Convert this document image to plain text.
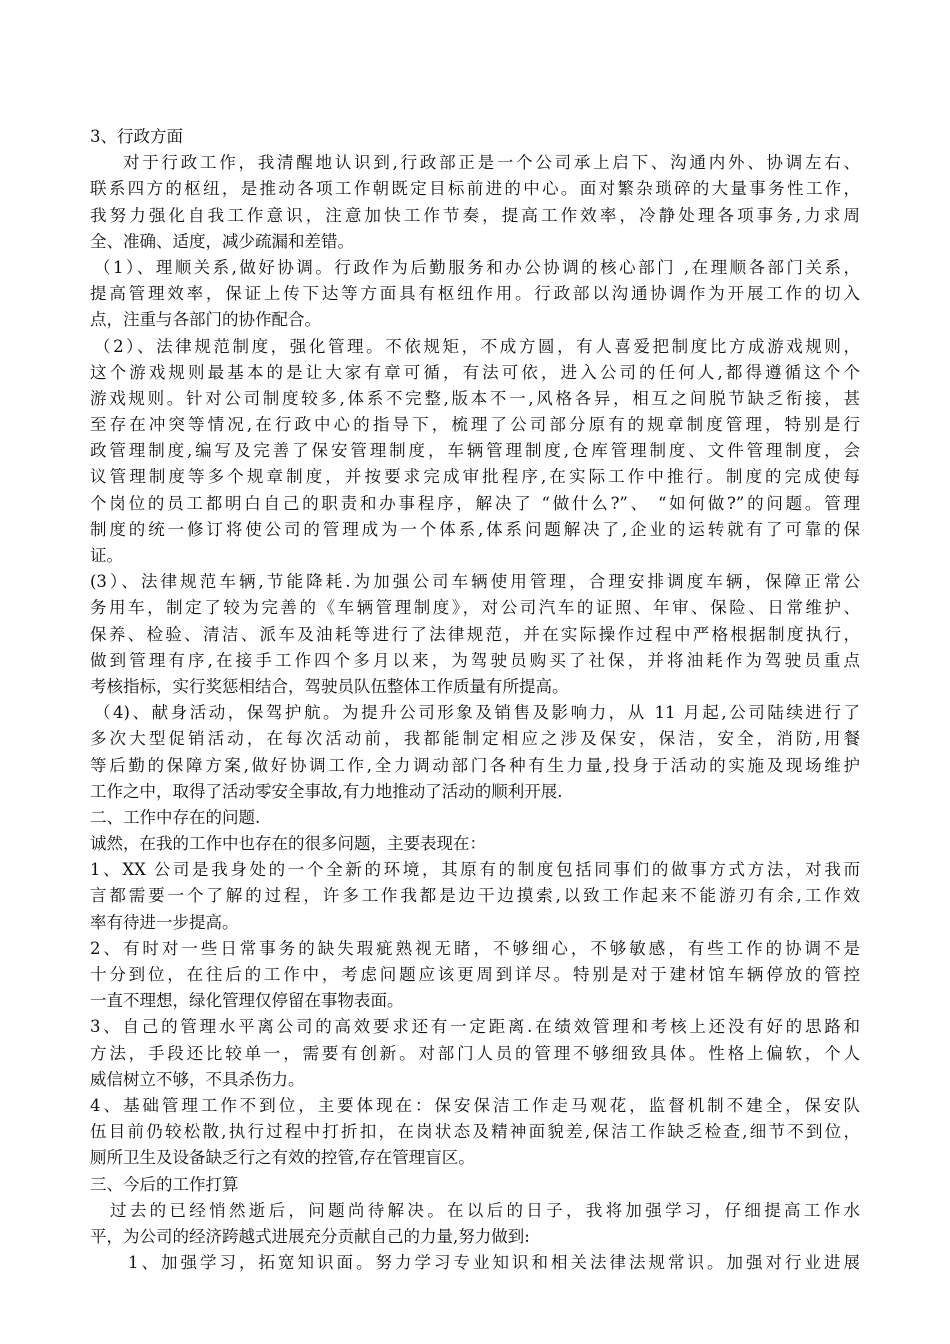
3、行政方面
对于行政工作，我清醒地认识到,行政部正是一个公司承上启下、沟通内外、协调左右、
联系四方的枢纽，是推动各项工作朝既定目标前进的中心。面对繁杂琐碎的大量事务性工作，
我努力强化自我工作意识，注意加快工作节奏，提高工作效率，冷静处理各项事务,力求周
全、准确、适度，减少疏漏和差错。
（1）、理顺关系,做好协调。行政作为后勤服务和办公协调的核心部门 ,在理顺各部门关系，
提高管理效率，保证上传下达等方面具有枢纽作用。行政部以沟通协调作为开展工作的切入
点，注重与各部门的协作配合。
（2）、法律规范制度，强化管理。不依规矩，不成方圆，有人喜爱把制度比方成游戏规则，
这个游戏规则最基本的是让大家有章可循，有法可依，进入公司的任何人,都得遵循这个个
游戏规则。针对公司制度较多,体系不完整,版本不一,风格各异，相互之间脱节缺乏衔接，甚
至存在冲突等情况,在行政中心的指导下，梳理了公司部分原有的规章制度管理，特别是行
政管理制度,编写及完善了保安管理制度，车辆管理制度,仓库管理制度、文件管理制度，会
议管理制度等多个规章制度，并按要求完成审批程序,在实际工作中推行。制度的完成使每
个岗位的员工都明白自己的职责和办事程序，解决了 “做什么?”、 “如何做?”的问题。管理
制度的统一修订将使公司的管理成为一个体系,体系问题解决了,企业的运转就有了可靠的保
证。
(3）、法律规范车辆,节能降耗.为加强公司车辆使用管理，合理安排调度车辆，保障正常公
务用车，制定了较为完善的《车辆管理制度》，对公司汽车的证照、年审、保险、日常维护、
保养、检验、清洁、派车及油耗等进行了法律规范，并在实际操作过程中严格根据制度执行，
做到管理有序,在接手工作四个多月以来，为驾驶员购买了社保，并将油耗作为驾驶员重点
考核指标，实行奖惩相结合，驾驶员队伍整体工作质量有所提高。
（4)、献身活动，保驾护航。为提升公司形象及销售及影响力，从 11 月起,公司陆续进行了
多次大型促销活动，在每次活动前，我都能制定相应之涉及保安，保洁，安全，消防,用餐
等后勤的保障方案,做好协调工作,全力调动部门各种有生力量,投身于活动的实施及现场维护
工作之中，取得了活动零安全事故,有力地推动了活动的顺利开展.
二、工作中存在的问题.
诚然，在我的工作中也存在的很多问题，主要表现在：
1、XX 公司是我身处的一个全新的环境，其原有的制度包括同事们的做事方式方法，对我而
言都需要一个了解的过程，许多工作我都是边干边摸索,以致工作起来不能游刃有余,工作效
率有待进一步提高。
2、有时对一些日常事务的缺失瑕疵熟视无睹，不够细心，不够敏感，有些工作的协调不是
十分到位，在往后的工作中，考虑问题应该更周到详尽。特别是对于建材馆车辆停放的管控
一直不理想，绿化管理仅停留在事物表面。
3、自己的管理水平离公司的高效要求还有一定距离.在绩效管理和考核上还没有好的思路和
方法，手段还比较单一，需要有创新。对部门人员的管理不够细致具体。性格上偏软，个人
威信树立不够，不具杀伤力。
4、基础管理工作不到位，主要体现在：保安保洁工作走马观花，监督机制不建全，保安队
伍目前仍较松散,执行过程中打折扣，在岗状态及精神面貌差,保洁工作缺乏检查,细节不到位，
厕所卫生及设备缺乏行之有效的控管,存在管理盲区。
三、今后的工作打算
过去的已经悄然逝后，问题尚待解决。在以后的日子，我将加强学习，仔细提高工作水
平，为公司的经济跨越式进展充分贡献自己的力量,努力做到:
1、加强学习，拓宽知识面。努力学习专业知识和相关法律法规常识。加强对行业进展
